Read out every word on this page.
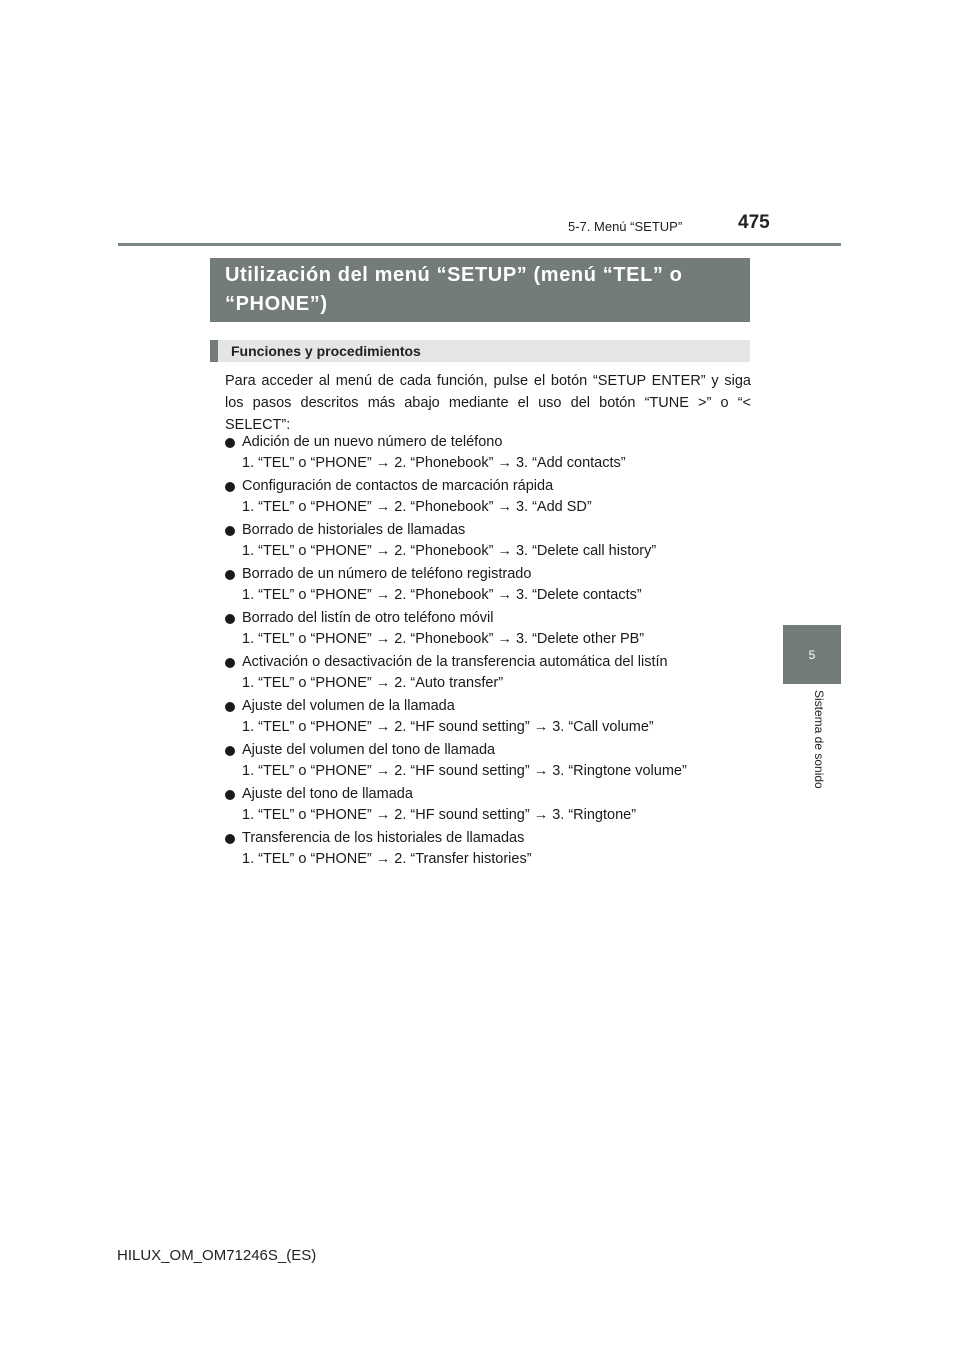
5-7. Menú “SETUP”	475
5
Sistema de sonido
Utilización del menú “SETUP” (menú “TEL” o “PHONE”)
Funciones y procedimientos

Para acceder al menú de cada función, pulse el botón “SETUP ENTER” y siga los pasos descritos más abajo mediante el uso del botón “TUNE >” o “< SELECT”:

Adición de un nuevo número de teléfono
1. “TEL” o “PHONE” → 2. “Phonebook” → 3. “Add contacts”
Configuración de contactos de marcación rápida
1. “TEL” o “PHONE” → 2. “Phonebook” → 3. “Add SD”
Borrado de historiales de llamadas
1. “TEL” o “PHONE” → 2. “Phonebook” → 3. “Delete call history”
Borrado de un número de teléfono registrado
1. “TEL” o “PHONE” → 2. “Phonebook” → 3. “Delete contacts”
Borrado del listín de otro teléfono móvil
1. “TEL” o “PHONE” → 2. “Phonebook” → 3. “Delete other PB”
Activación o desactivación de la transferencia automática del listín
1. “TEL” o “PHONE” → 2. “Auto transfer”
Ajuste del volumen de la llamada
1. “TEL” o “PHONE” → 2. “HF sound setting” → 3. “Call volume”
Ajuste del volumen del tono de llamada
1. “TEL” o “PHONE” → 2. “HF sound setting” → 3. “Ringtone volume”
Ajuste del tono de llamada
1. “TEL” o “PHONE” → 2. “HF sound setting” → 3. “Ringtone”
Transferencia de los historiales de llamadas
1. “TEL” o “PHONE” → 2. “Transfer histories”
HILUX_OM_OM71246S_(ES)
